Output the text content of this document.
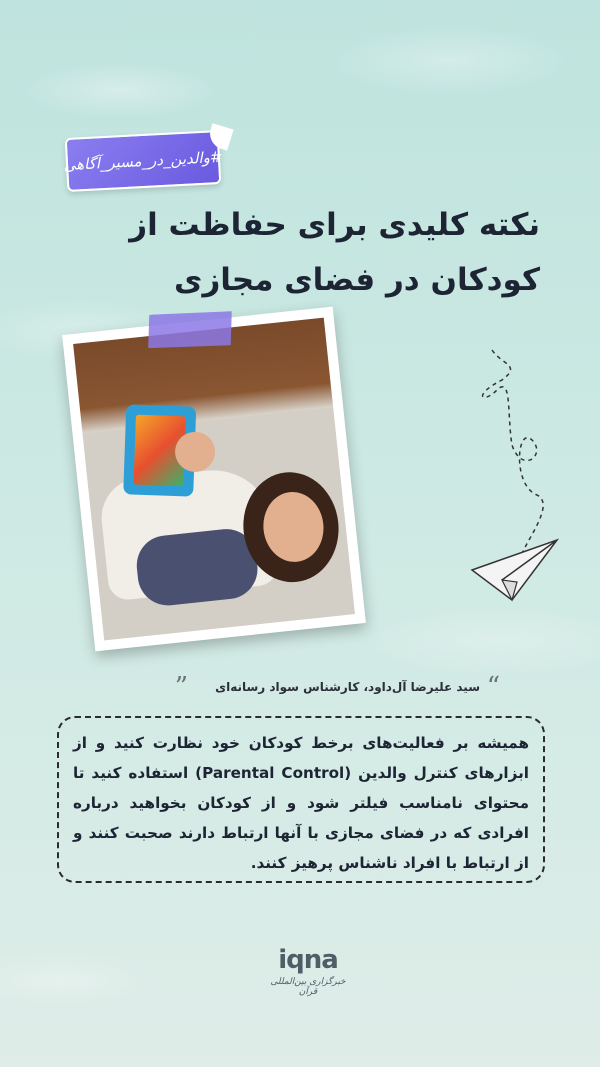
#والدین_در_مسیر_آگاهی
نکته کلیدی برای حفاظت از کودکان در فضای مجازی
“
سید علیرضا آل‌داود، کارشناس سواد رسانه‌ای
”
همیشه بر فعالیت‌های برخط کودکان خود نظارت کنید و از ابزارهای کنترل والدین (Parental Control) استفاده کنید تا محتوای نامناسب فیلتر شود و از کودکان بخواهید درباره افرادی که در فضای مجازی با آنها ارتباط دارند صحبت کنند و از ارتباط با افراد ناشناس پرهیز کنند.
iqna
خبرگزاری بین‌المللی قرآن
